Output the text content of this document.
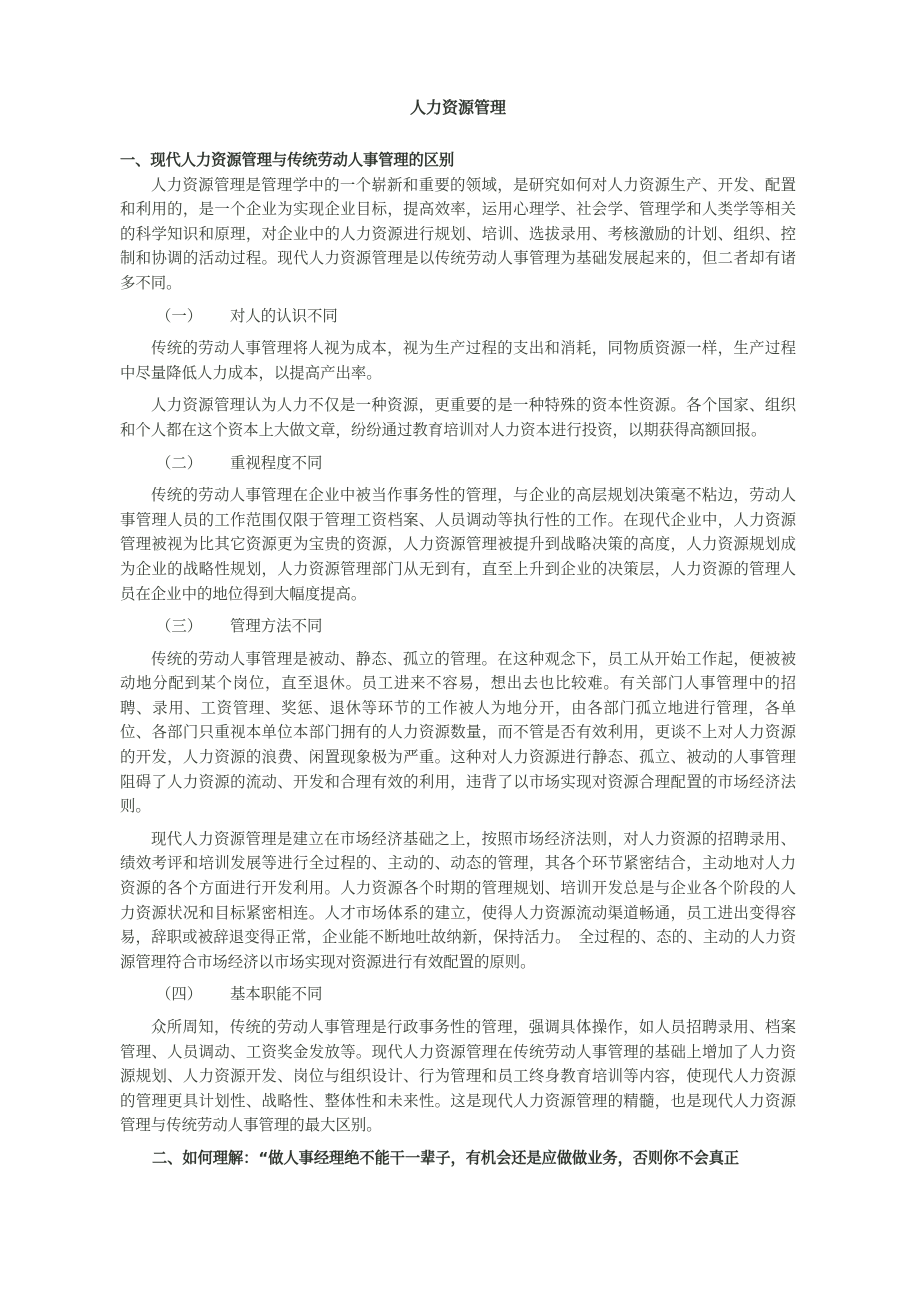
人力资源管理
一、现代人力资源管理与传统劳动人事管理的区别

人力资源管理是管理学中的一个崭新和重要的领域，是研究如何对人力资源生产、开发、配置和利用的，是一个企业为实现企业目标，提高效率，运用心理学、社会学、管理学和人类学等相关的科学知识和原理，对企业中的人力资源进行规划、培训、选拔录用、考核激励的计划、组织、控制和协调的活动过程。现代人力资源管理是以传统劳动人事管理为基础发展起来的，但二者却有诸多不同。

（一）	对人的认识不同

传统的劳动人事管理将人视为成本，视为生产过程的支出和消耗，同物质资源一样，生产过程中尽量降低人力成本，以提高产出率。

人力资源管理认为人力不仅是一种资源，更重要的是一种特殊的资本性资源。各个国家、组织和个人都在这个资本上大做文章，纷纷通过教育培训对人力资本进行投资，以期获得高额回报。

（二）	重视程度不同

传统的劳动人事管理在企业中被当作事务性的管理，与企业的高层规划决策毫不粘边，劳动人事管理人员的工作范围仅限于管理工资档案、人员调动等执行性的工作。在现代企业中，人力资源管理被视为比其它资源更为宝贵的资源，人力资源管理被提升到战略决策的高度，人力资源规划成为企业的战略性规划，人力资源管理部门从无到有，直至上升到企业的决策层，人力资源的管理人员在企业中的地位得到大幅度提高。

（三）	管理方法不同

传统的劳动人事管理是被动、静态、孤立的管理。在这种观念下，员工从开始工作起，便被被动地分配到某个岗位，直至退休。员工进来不容易，想出去也比较难。有关部门人事管理中的招聘、录用、工资管理、奖惩、退休等环节的工作被人为地分开，由各部门孤立地进行管理，各单位、各部门只重视本单位本部门拥有的人力资源数量，而不管是否有效利用，更谈不上对人力资源的开发，人力资源的浪费、闲置现象极为严重。这种对人力资源进行静态、孤立、被动的人事管理阻碍了人力资源的流动、开发和合理有效的利用，违背了以市场实现对资源合理配置的市场经济法则。

现代人力资源管理是建立在市场经济基础之上，按照市场经济法则，对人力资源的招聘录用、绩效考评和培训发展等进行全过程的、主动的、动态的管理，其各个环节紧密结合，主动地对人力资源的各个方面进行开发利用。人力资源各个时期的管理规划、培训开发总是与企业各个阶段的人力资源状况和目标紧密相连。人才市场体系的建立，使得人力资源流动渠道畅通，员工进出变得容易，辞职或被辞退变得正常，企业能不断地吐故纳新，保持活力。　全过程的、态的、主动的人力资源管理符合市场经济以市场实现对资源进行有效配置的原则。

（四）	基本职能不同

众所周知，传统的劳动人事管理是行政事务性的管理，强调具体操作，如人员招聘录用、档案管理、人员调动、工资奖金发放等。现代人力资源管理在传统劳动人事管理的基础上增加了人力资源规划、人力资源开发、岗位与组织设计、行为管理和员工终身教育培训等内容，使现代人力资源的管理更具计划性、战略性、整体性和未来性。这是现代人力资源管理的精髓，也是现代人力资源管理与传统劳动人事管理的最大区别。

二、如何理解：“做人事经理绝不能干一辈子，有机会还是应做做业务，否则你不会真正
